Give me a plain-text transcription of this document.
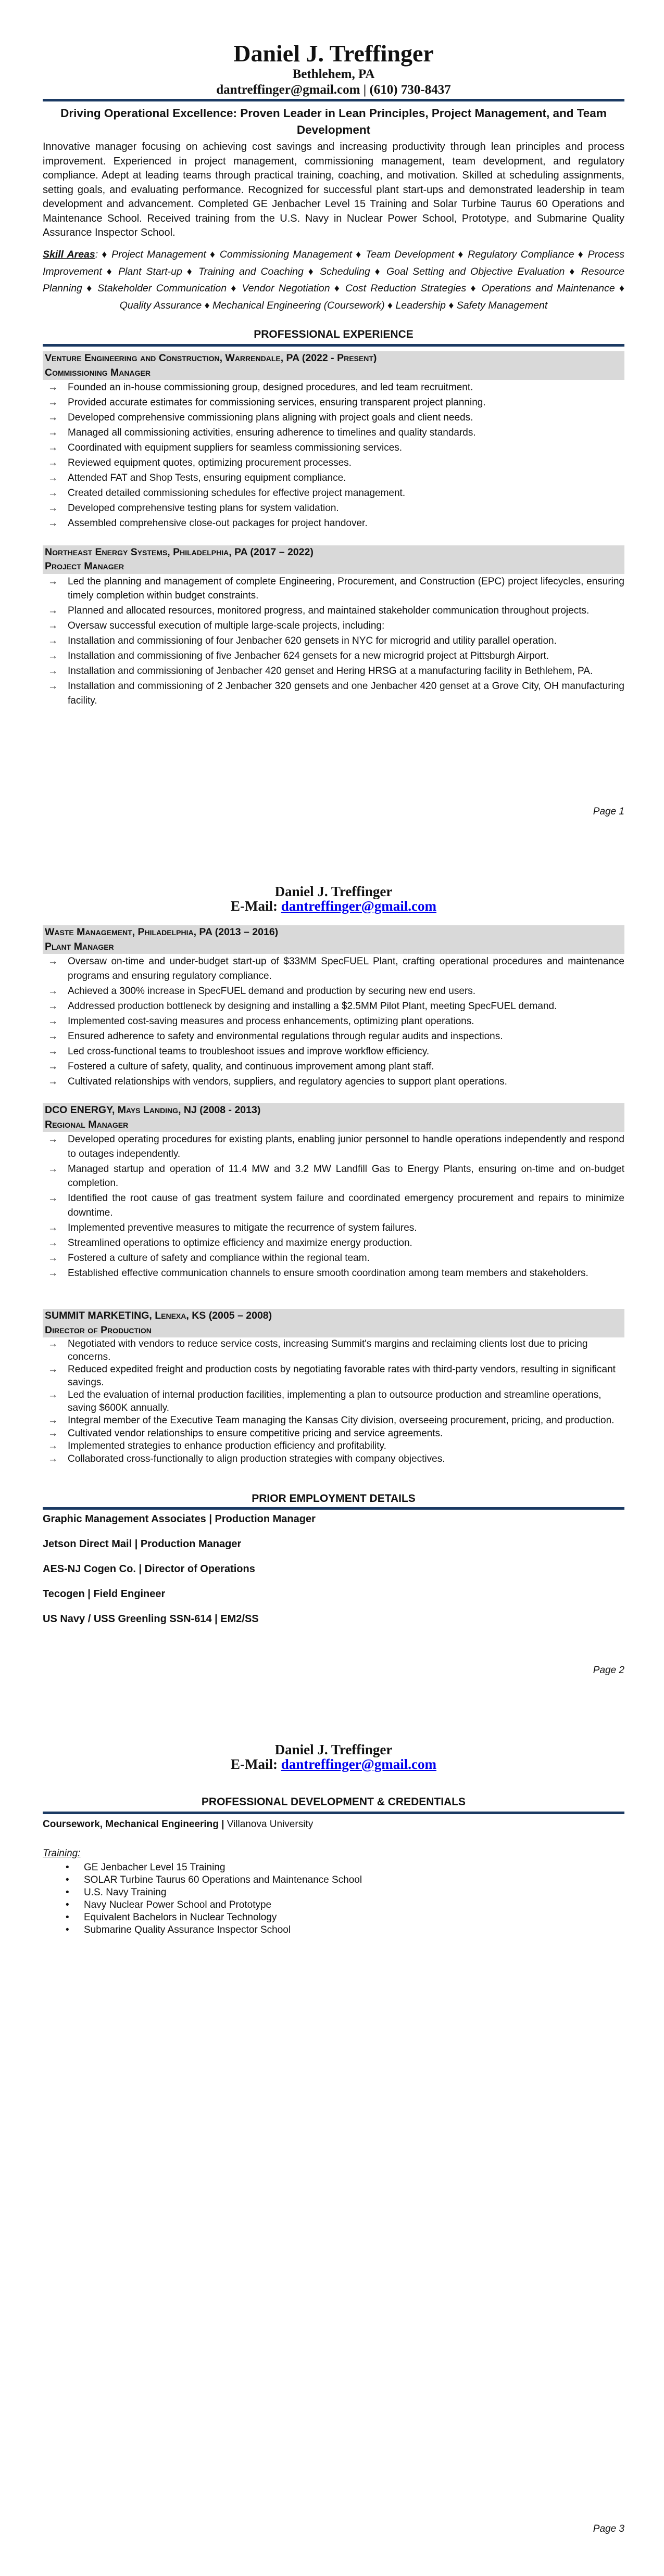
Daniel J. Treffinger
Bethlehem, PA
dantreffinger@gmail.com | (610) 730-8437
Driving Operational Excellence: Proven Leader in Lean Principles, Project Management, and Team Development
Innovative manager focusing on achieving cost savings and increasing productivity through lean principles and process improvement. Experienced in project management, commissioning management, team development, and regulatory compliance. Adept at leading teams through practical training, coaching, and motivation. Skilled at scheduling assignments, setting goals, and evaluating performance. Recognized for successful plant start-ups and demonstrated leadership in team development and advancement. Completed GE Jenbacher Level 15 Training and Solar Turbine Taurus 60 Operations and Maintenance School. Received training from the U.S. Navy in Nuclear Power School, Prototype, and Submarine Quality Assurance Inspector School.
Skill Areas: ♦ Project Management ♦ Commissioning Management ♦ Team Development ♦ Regulatory Compliance ♦ Process Improvement ♦ Plant Start-up ♦ Training and Coaching ♦ Scheduling ♦ Goal Setting and Objective Evaluation ♦ Resource Planning ♦ Stakeholder Communication ♦ Vendor Negotiation ♦ Cost Reduction Strategies ♦ Operations and Maintenance ♦ Quality Assurance ♦ Mechanical Engineering (Coursework) ♦ Leadership ♦ Safety Management
PROFESSIONAL EXPERIENCE
Venture Engineering and Construction, Warrendale, PA (2022 - Present)
Commissioning Manager
→ Founded an in-house commissioning group, designed procedures, and led team recruitment.
→ Provided accurate estimates for commissioning services, ensuring transparent project planning.
→ Developed comprehensive commissioning plans aligning with project goals and client needs.
→ Managed all commissioning activities, ensuring adherence to timelines and quality standards.
→ Coordinated with equipment suppliers for seamless commissioning services.
→ Reviewed equipment quotes, optimizing procurement processes.
→ Attended FAT and Shop Tests, ensuring equipment compliance.
→ Created detailed commissioning schedules for effective project management.
→ Developed comprehensive testing plans for system validation.
→ Assembled comprehensive close-out packages for project handover.
Northeast Energy Systems, Philadelphia, PA (2017 – 2022)
Project Manager
→ Led the planning and management of complete Engineering, Procurement, and Construction (EPC) project lifecycles, ensuring timely completion within budget constraints.
→ Planned and allocated resources, monitored progress, and maintained stakeholder communication throughout projects.
→ Oversaw successful execution of multiple large-scale projects, including:
→ Installation and commissioning of four Jenbacher 620 gensets in NYC for microgrid and utility parallel operation.
→ Installation and commissioning of five Jenbacher 624 gensets for a new microgrid project at Pittsburgh Airport.
→ Installation and commissioning of Jenbacher 420 genset and Hering HRSG at a manufacturing facility in Bethlehem, PA.
→ Installation and commissioning of 2 Jenbacher 320 gensets and one Jenbacher 420 genset at a Grove City, OH manufacturing facility.
Page 1
Daniel J. Treffinger
E-Mail: dantreffinger@gmail.com
Waste Management, Philadelphia, PA (2013 – 2016)
Plant Manager
→ Oversaw on-time and under-budget start-up of $33MM SpecFUEL Plant, crafting operational procedures and maintenance programs and ensuring regulatory compliance.
→ Achieved a 300% increase in SpecFUEL demand and production by securing new end users.
→ Addressed production bottleneck by designing and installing a $2.5MM Pilot Plant, meeting SpecFUEL demand.
→ Implemented cost-saving measures and process enhancements, optimizing plant operations.
→ Ensured adherence to safety and environmental regulations through regular audits and inspections.
→ Led cross-functional teams to troubleshoot issues and improve workflow efficiency.
→ Fostered a culture of safety, quality, and continuous improvement among plant staff.
→ Cultivated relationships with vendors, suppliers, and regulatory agencies to support plant operations.
DCO ENERGY, Mays Landing, NJ (2008 - 2013)
Regional Manager
→ Developed operating procedures for existing plants, enabling junior personnel to handle operations independently and respond to outages independently.
→ Managed startup and operation of 11.4 MW and 3.2 MW Landfill Gas to Energy Plants, ensuring on-time and on-budget completion.
→ Identified the root cause of gas treatment system failure and coordinated emergency procurement and repairs to minimize downtime.
→ Implemented preventive measures to mitigate the recurrence of system failures.
→ Streamlined operations to optimize efficiency and maximize energy production.
→ Fostered a culture of safety and compliance within the regional team.
→ Established effective communication channels to ensure smooth coordination among team members and stakeholders.
SUMMIT MARKETING, Lenexa, KS (2005 – 2008)
Director of Production
→ Negotiated with vendors to reduce service costs, increasing Summit's margins and reclaiming clients lost due to pricing concerns.
→ Reduced expedited freight and production costs by negotiating favorable rates with third-party vendors, resulting in significant savings.
→ Led the evaluation of internal production facilities, implementing a plan to outsource production and streamline operations, saving $600K annually.
→ Integral member of the Executive Team managing the Kansas City division, overseeing procurement, pricing, and production.
→ Cultivated vendor relationships to ensure competitive pricing and service agreements.
→ Implemented strategies to enhance production efficiency and profitability.
→ Collaborated cross-functionally to align production strategies with company objectives.
PRIOR EMPLOYMENT DETAILS
Graphic Management Associates | Production Manager
Jetson Direct Mail | Production Manager
AES-NJ Cogen Co. | Director of Operations
Tecogen | Field Engineer
US Navy / USS Greenling SSN-614 | EM2/SS
Page 2
Daniel J. Treffinger
E-Mail: dantreffinger@gmail.com
PROFESSIONAL DEVELOPMENT & CREDENTIALS
Coursework, Mechanical Engineering | Villanova University
Training:
• GE Jenbacher Level 15 Training
• SOLAR Turbine Taurus 60 Operations and Maintenance School
• U.S. Navy Training
• Navy Nuclear Power School and Prototype
• Equivalent Bachelors in Nuclear Technology
• Submarine Quality Assurance Inspector School
Page 3
